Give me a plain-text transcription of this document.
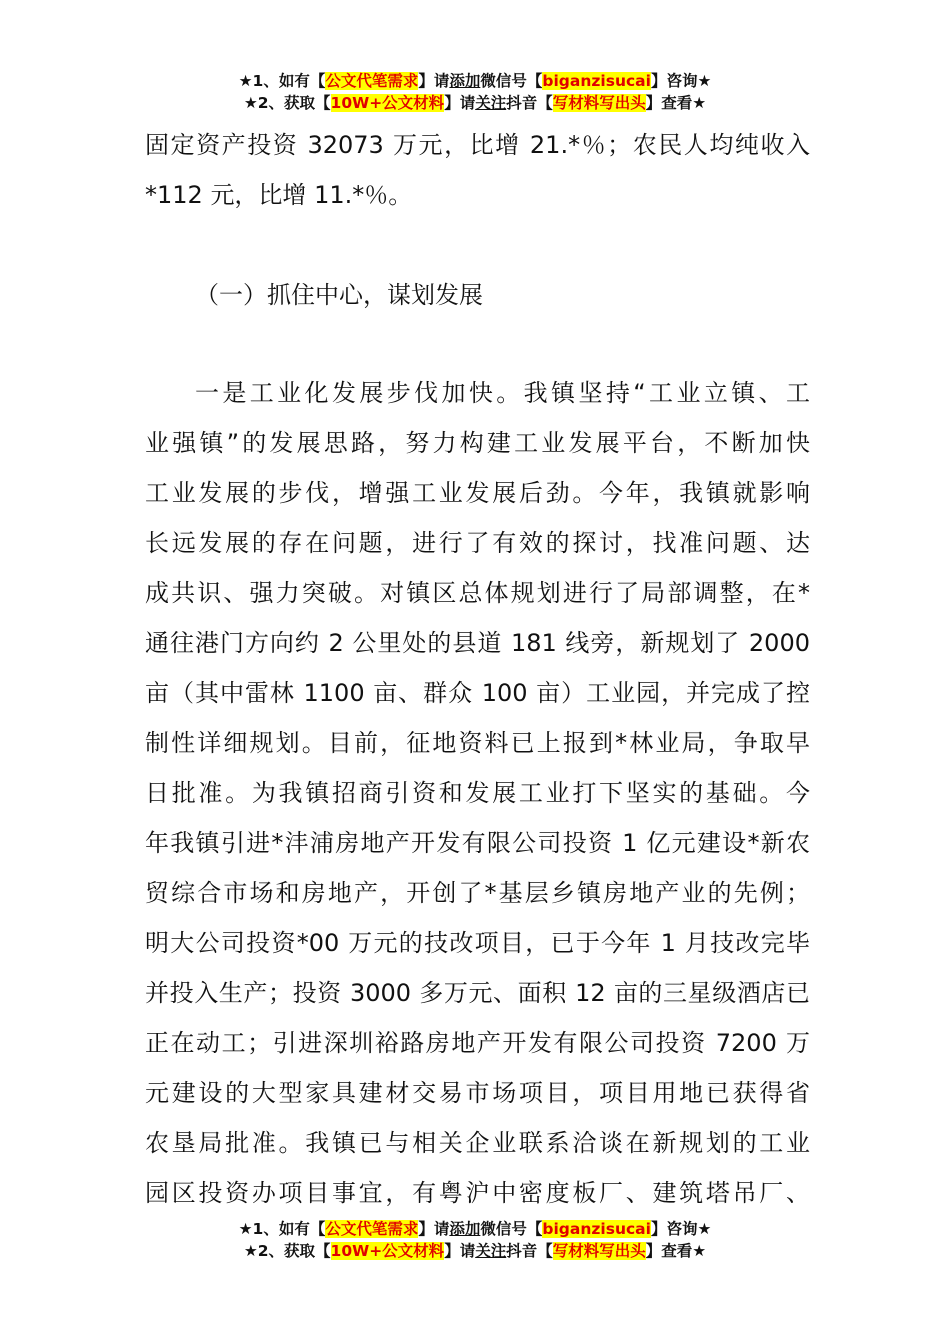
★1、如有【公文代笔需求】请添加微信号【biganzisucai】咨询★
★2、获取【10W+公文材料】请关注抖音【写材料写出头】查看★
固定资产投资 32073 万元，比增 21.*％；农民人均纯收入
*112 元，比增 11.*％。
（一）抓住中心，谋划发展
一是工业化发展步伐加快。我镇坚持“工业立镇、工
业强镇”的发展思路，努力构建工业发展平台，不断加快
工业发展的步伐，增强工业发展后劲。今年，我镇就影响
长远发展的存在问题，进行了有效的探讨，找准问题、达
成共识、强力突破。对镇区总体规划进行了局部调整，在*
通往港门方向约 2 公里处的县道 181 线旁，新规划了 2000
亩（其中雷林 1100 亩、群众 100 亩）工业园，并完成了控
制性详细规划。目前，征地资料已上报到*林业局，争取早
日批准。为我镇招商引资和发展工业打下坚实的基础。今
年我镇引进*沣浦房地产开发有限公司投资 1 亿元建设*新农
贸综合市场和房地产，开创了*基层乡镇房地产业的先例；
明大公司投资*00 万元的技改项目，已于今年 1 月技改完毕
并投入生产；投资 3000 多万元、面积 12 亩的三星级酒店已
正在动工；引进深圳裕路房地产开发有限公司投资 7200 万
元建设的大型家具建材交易市场项目，项目用地已获得省
农垦局批准。我镇已与相关企业联系洽谈在新规划的工业
园区投资办项目事宜，有粤沪中密度板厂、建筑塔吊厂、
★1、如有【公文代笔需求】请添加微信号【biganzisucai】咨询★
★2、获取【10W+公文材料】请关注抖音【写材料写出头】查看★
